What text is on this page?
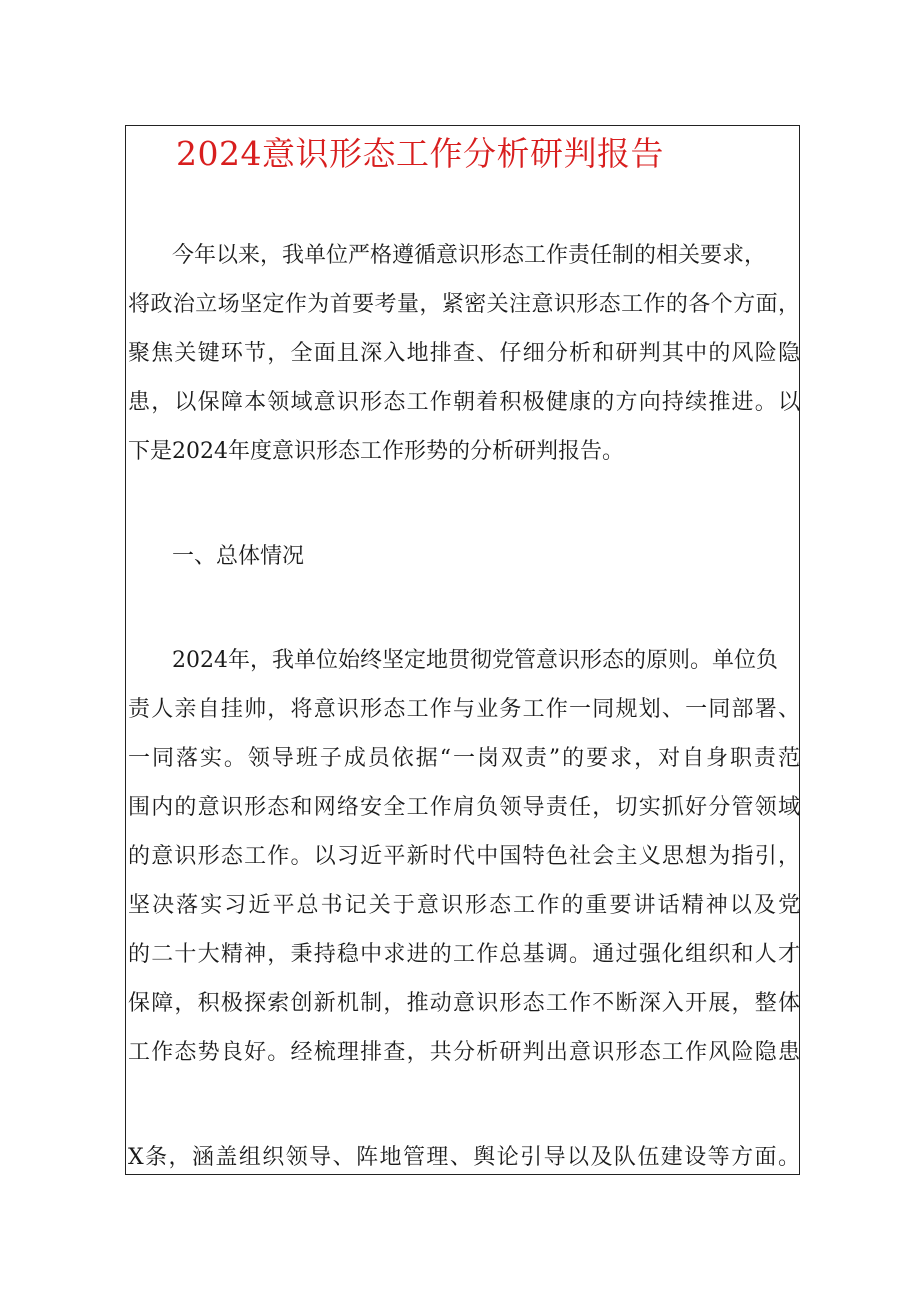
2024意识形态工作分析研判报告

今年以来，我单位严格遵循意识形态工作责任制的相关要求，

将政治立场坚定作为首要考量，紧密关注意识形态工作的各个方面，

聚焦关键环节，全面且深入地排查、仔细分析和研判其中的风险隐

患，以保障本领域意识形态工作朝着积极健康的方向持续推进。以

下是2024年度意识形态工作形势的分析研判报告。

一、总体情况

2024年，我单位始终坚定地贯彻党管意识形态的原则。单位负

责人亲自挂帅，将意识形态工作与业务工作一同规划、一同部署、

一同落实。领导班子成员依据“一岗双责”的要求，对自身职责范

围内的意识形态和网络安全工作肩负领导责任，切实抓好分管领域

的意识形态工作。以习近平新时代中国特色社会主义思想为指引，

坚决落实习近平总书记关于意识形态工作的重要讲话精神以及党

的二十大精神，秉持稳中求进的工作总基调。通过强化组织和人才

保障，积极探索创新机制，推动意识形态工作不断深入开展，整体

工作态势良好。经梳理排查，共分析研判出意识形态工作风险隐患

X条，涵盖组织领导、阵地管理、舆论引导以及队伍建设等方面。
